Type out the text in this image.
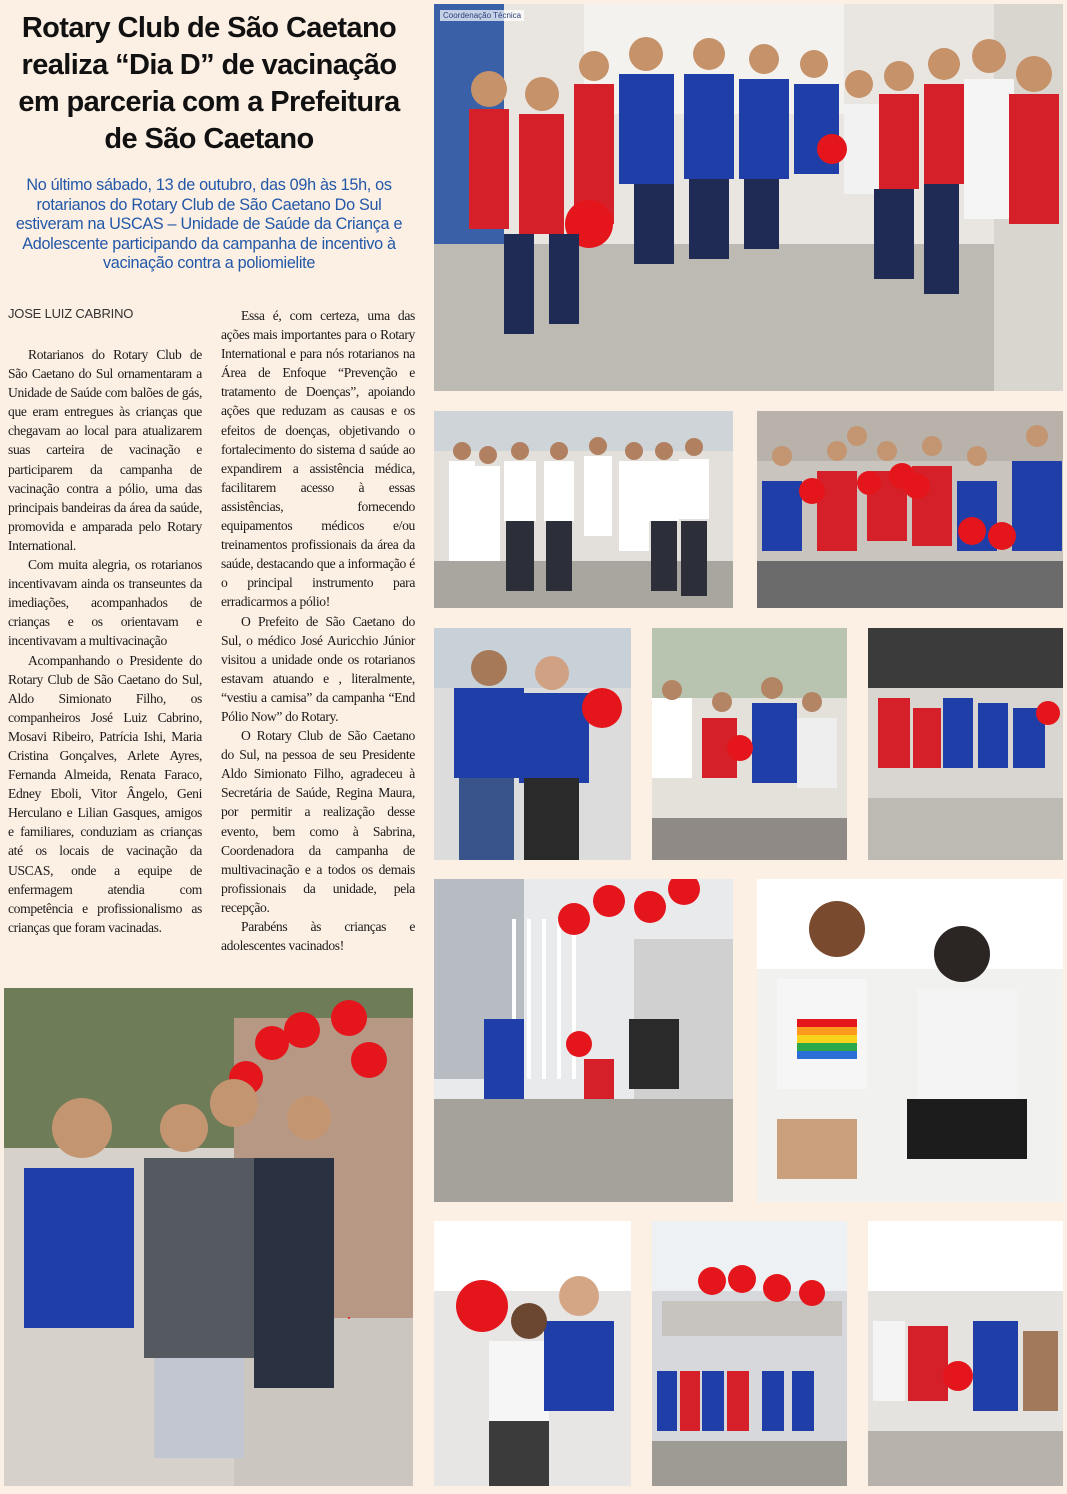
Rotary Club de São Caetano realiza “Dia D” de vacinação em parceria com a Prefeitura de São Caetano

No último sábado, 13 de outubro, das 09h às 15h, os rotarianos do Rotary Club de São Caetano Do Sul estiveram na USCAS – Unidade de Saúde da Criança e Adolescente participando da campanha de incentivo à vacinação contra a poliomielite

JOSE LUIZ CABRINO

Rotarianos do Rotary Club de São Caetano do Sul ornamentaram a Unidade de Saúde com balões de gás, que eram entregues às crianças que chegavam ao local para atualizarem suas carteira de vacinação e participarem da campanha de vacinação contra a pólio, uma das principais bandeiras da área da saúde, promovida e amparada pelo Rotary International.

Com muita alegria, os rotarianos incentivavam ainda os transeuntes da imediações, acompanhados de crianças e os orientavam e incentivavam a multivacinação

Acompanhando o Presidente do Rotary Club de São Caetano do Sul, Aldo Simionato Filho, os companheiros José Luiz Cabrino, Mosavi Ribeiro, Patrícia Ishi, Maria Cristina Gonçalves, Arlete Ayres, Fernanda Almeida, Renata Faraco, Edney Eboli, Vitor Ângelo, Geni Herculano e Lilian Gasques, amigos e familiares, conduziam as crianças até os locais de vacinação da USCAS, onde a equipe de enfermagem atendia com competência e profissionalismo as crianças que foram vacinadas.

Essa é, com certeza, uma das ações mais importantes para o Rotary International e para nós rotarianos na Área de Enfoque “Prevenção e tratamento de Doenças”, apoiando ações que reduzam as causas e os efeitos de doenças, objetivando o fortalecimento do sistema d saúde ao expandirem a assistência médica, facilitarem acesso à essas assistências, fornecendo equipamentos médicos e/ou treinamentos profissionais da área da saúde, destacando que a informação é o principal instrumento para erradicarmos a pólio!

O Prefeito de São Caetano do Sul, o médico José Auricchio Júnior visitou a unidade onde os rotarianos estavam atuando e , literalmente, “vestiu a camisa” da campanha “End Pólio Now” do Rotary.

O Rotary Club de São Caetano do Sul, na pessoa de seu Presidente Aldo Simionato Filho, agradeceu à Secretária de Saúde, Regina Maura, por permitir a realização desse evento, bem como à Sabrina, Coordenadora da campanha de multivacinação e a todos os demais profissionais da unidade, pela recepção.

Parabéns às crianças e adolescentes vacinados!

Coordenação Técnica
